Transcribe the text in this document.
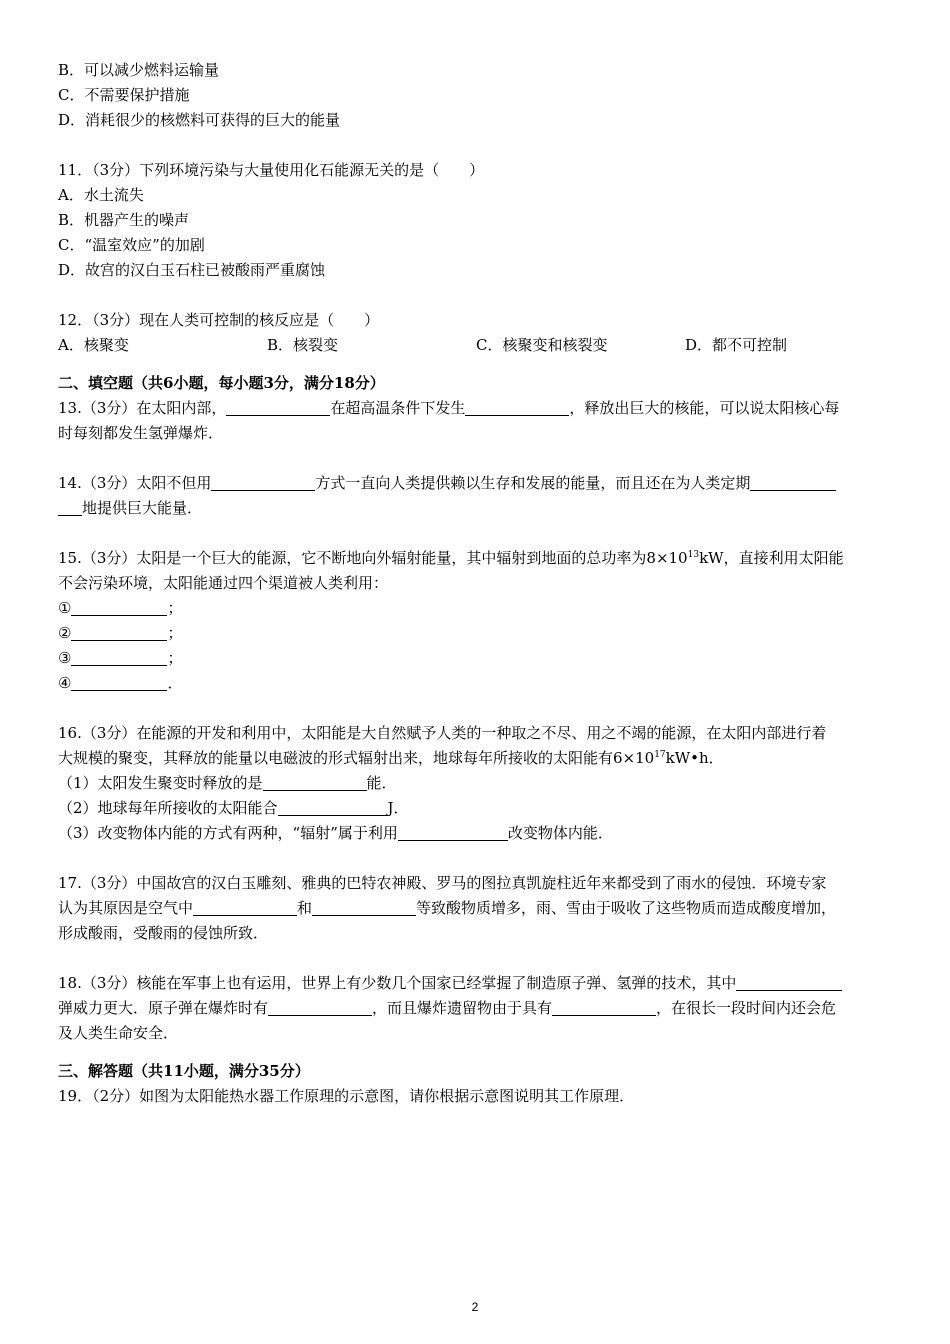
B．可以减少燃料运输量
C．不需要保护措施
D．消耗很少的核燃料可获得的巨大的能量
11．（3分）下列环境污染与大量使用化石能源无关的是（　　）
A．水土流失
B．机器产生的噪声
C．“温室效应”的加剧
D．故宫的汉白玉石柱已被酸雨严重腐蚀
12．（3分）现在人类可控制的核反应是（　　）
A．核聚变	B．核裂变	C．核聚变和核裂变	D．都不可控制
二、填空题（共6小题，每小题3分，满分18分）
13.（3分）在太阳内部，	在超高温条件下发生	，释放出巨大的核能，可以说太阳核心每
时每刻都发生氢弹爆炸．
14.（3分）太阳不但用	方式一直向人类提供赖以生存和发展的能量，而且还在为人类定期
地提供巨大能量．
15.（3分）太阳是一个巨大的能源，它不断地向外辐射能量，其中辐射到地面的总功率为$8\times 10^{13}kW$，直接利用太阳能
不会污染环境，太阳能通过四个渠道被人类利用：
①	；
②	；
③	；
④	．
16.（3分）在能源的开发和利用中，太阳能是大自然赋予人类的一种取之不尽、用之不竭的能源，在太阳内部进行着
大规模的聚变，其释放的能量以电磁波的形式辐射出来，地球每年所接收的太阳能有$6\times 10^{17}kW•h$．
（1）太阳发生聚变时释放的是	能．
（2）地球每年所接收的太阳能合	J．
（3）改变物体内能的方式有两种，“辐射”属于利用	改变物体内能．
17.（3分）中国故宫的汉白玉雕刻、雅典的巴特农神殿、罗马的图拉真凯旋柱近年来都受到了雨水的侵蚀．环境专家
认为其原因是空气中	和	等致酸物质增多，雨、雪由于吸收了这些物质而造成酸度增加，
形成酸雨，受酸雨的侵蚀所致．
18.（3分）核能在军事上也有运用，世界上有少数几个国家已经掌握了制造原子弹、氢弹的技术，其中
弹威力更大．原子弹在爆炸时有	，而且爆炸遗留物由于具有	，在很长一段时间内还会危
及人类生命安全．
三、解答题（共11小题，满分35分）
19．（2分）如图为太阳能热水器工作原理的示意图，请你根据示意图说明其工作原理．
2
